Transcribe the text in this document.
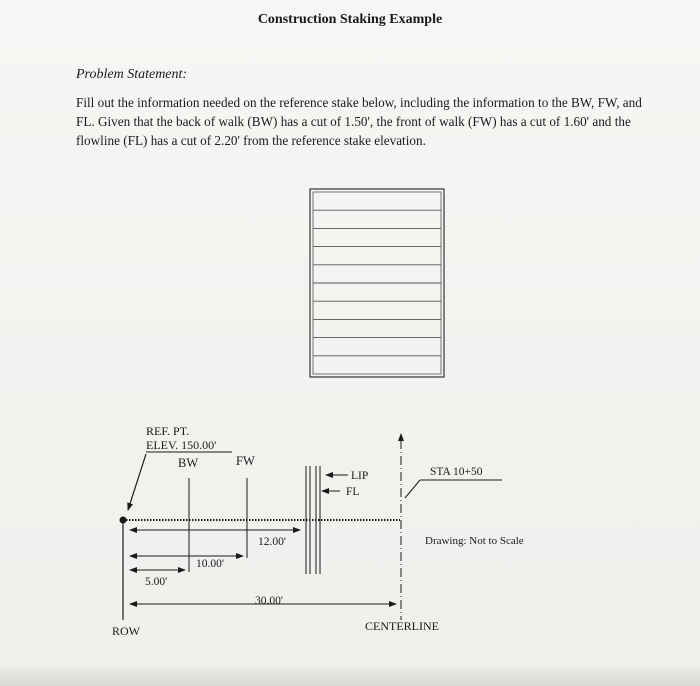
Construction Staking Example
Problem Statement:
Fill out the information needed on the reference stake below, including the information to the BW, FW, and FL. Given that the back of walk (BW) has a cut of 1.50', the front of walk (FW) has a cut of 1.60' and the flowline (FL) has a cut of 2.20' from the reference stake elevation.
REF. PT.
ELEV. 150.00'
BW	FW
LIP
FL
STA 10+50
Drawing: Not to Scale
12.00'
10.00'
5.00'
30.00'
ROW	CENTERLINE
